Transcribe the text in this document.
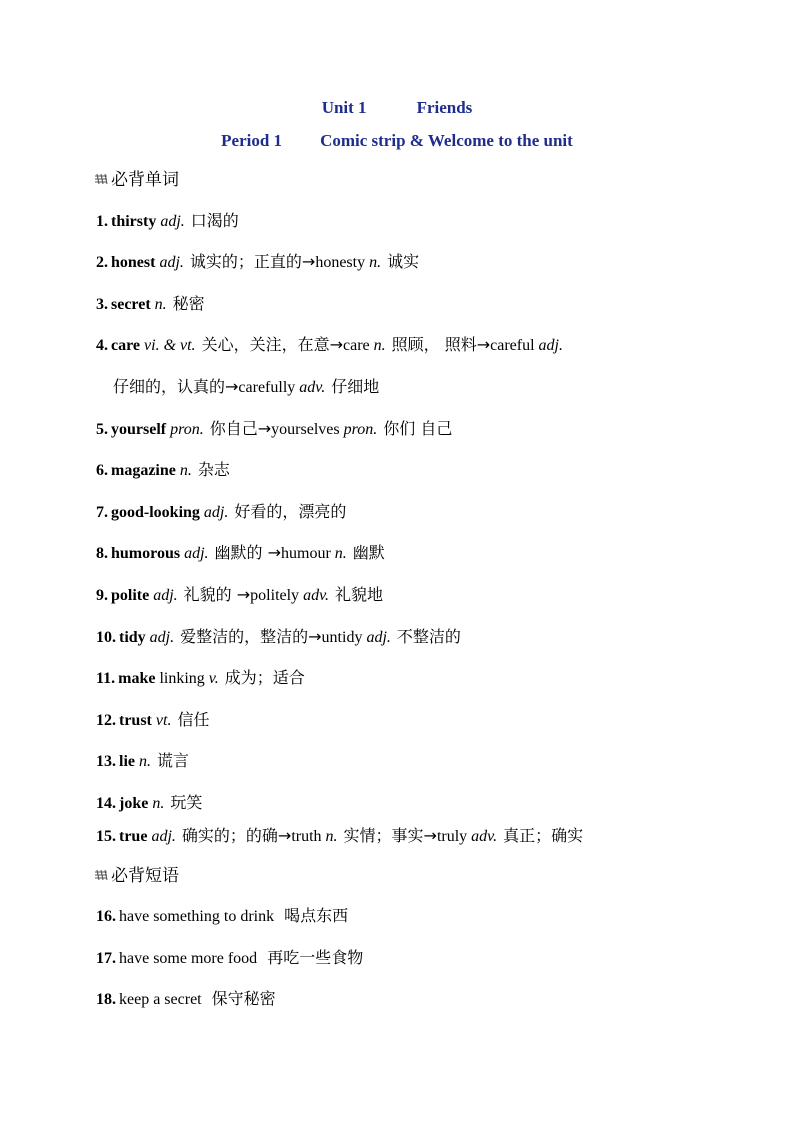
Unit 1	Friends
Period 1 Comic strip & Welcome to the unit
必背单词
1. thirsty adj. 口渴的
2. honest adj. 诚实的；正直的→honesty n. 诚实
3. secret n. 秘密
4. care vi. & vt. 关心，关注，在意→care n. 照顾， 照料→careful adj.
仔细的，认真的→carefully adv. 仔细地
5. yourself pron. 你自己→yourselves pron. 你们 自己
6. magazine n. 杂志
7. good-looking adj. 好看的，漂亮的
8. humorous adj. 幽默的 →humour n. 幽默
9. polite adj. 礼貌的 →politely adv. 礼貌地
10. tidy adj. 爱整洁的，整洁的→untidy adj. 不整洁的
11. make linking v. 成为；适合
12. trust vt. 信任
13. lie n. 谎言
14. joke n. 玩笑
15. true adj. 确实的；的确→truth n. 实情；事实→truly adv. 真正；确实
必背短语
16. have something to drink 喝点东西
17. have some more food 再吃一些食物
18. keep a secret 保守秘密
